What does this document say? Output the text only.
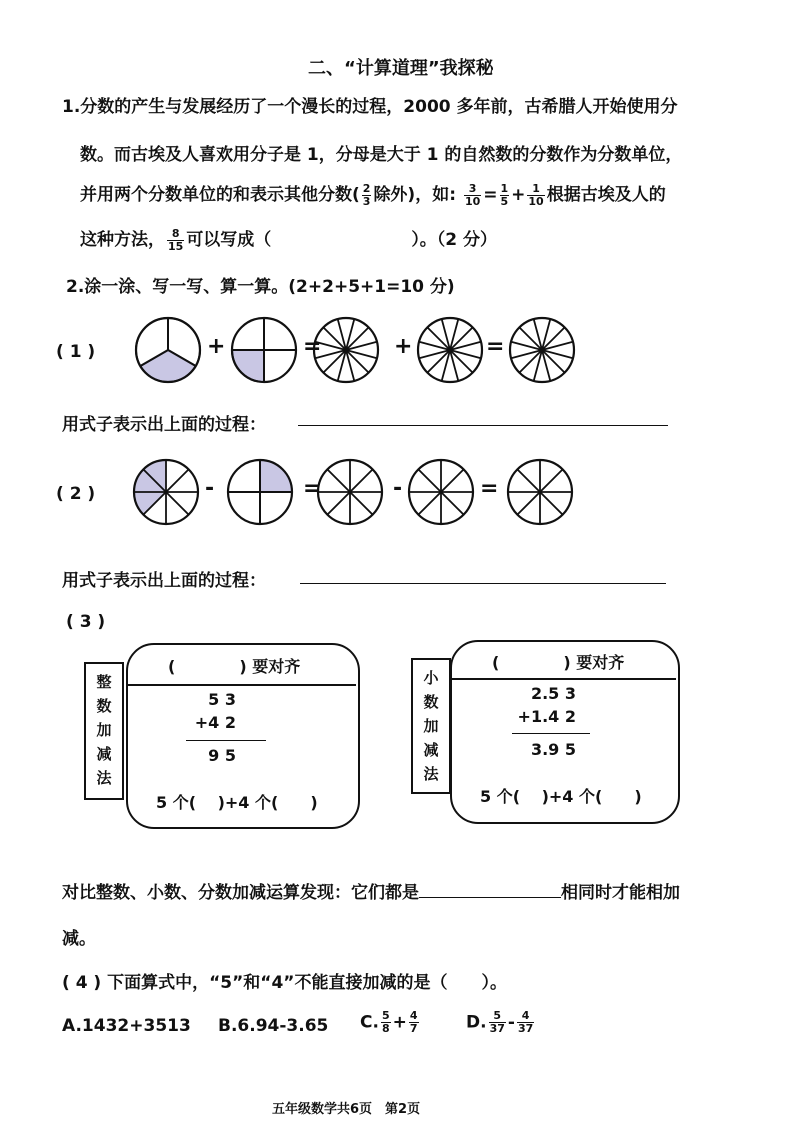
二、“计算道理”我探秘
1.分数的产生与发展经历了一个漫长的过程，2000 多年前，古希腊人开始使用分
数。而古埃及人喜欢用分子是 1，分母是大于 1 的自然数的分数作为分数单位，
并用两个分数单位的和表示其他分数( $\frac{2}{3}$ 除外)，如: $\frac{3}{10} = \frac{1}{5} + \frac{1}{10}$ 根据古埃及人的
这种方法， $\frac{8}{15}$ 可以写成（	）。（2 分）
2.涂一涂、写一写、算一算。(2+2+5+1=10 分)
( 1 )	+	=	+	=
用式子表示出上面的过程：
( 2 )	-	=	-	=
用式子表示出上面的过程：
( 3 )
整
数
加
减
法
(　　　　) 要对齐
5 3
+4 2
9 5
5 个(　 )+4 个(　　)
小
数
加
减
法
(　　　　) 要对齐
2.5 3
+1.4 2
3.9 5
5 个(　 )+4 个(　　)
对比整数、小数、分数加减运算发现：它们都是	相同时才能相加
减。
( 4 ) 下面算式中，“5”和“4”不能直接加减的是（　　）。
A.1432+3513 B.6.94-3.65 C. $\frac{5}{8} + \frac{4}{7}$	D. $\frac{5}{37} - \frac{4}{37}$
五年级数学共6页　第2页
